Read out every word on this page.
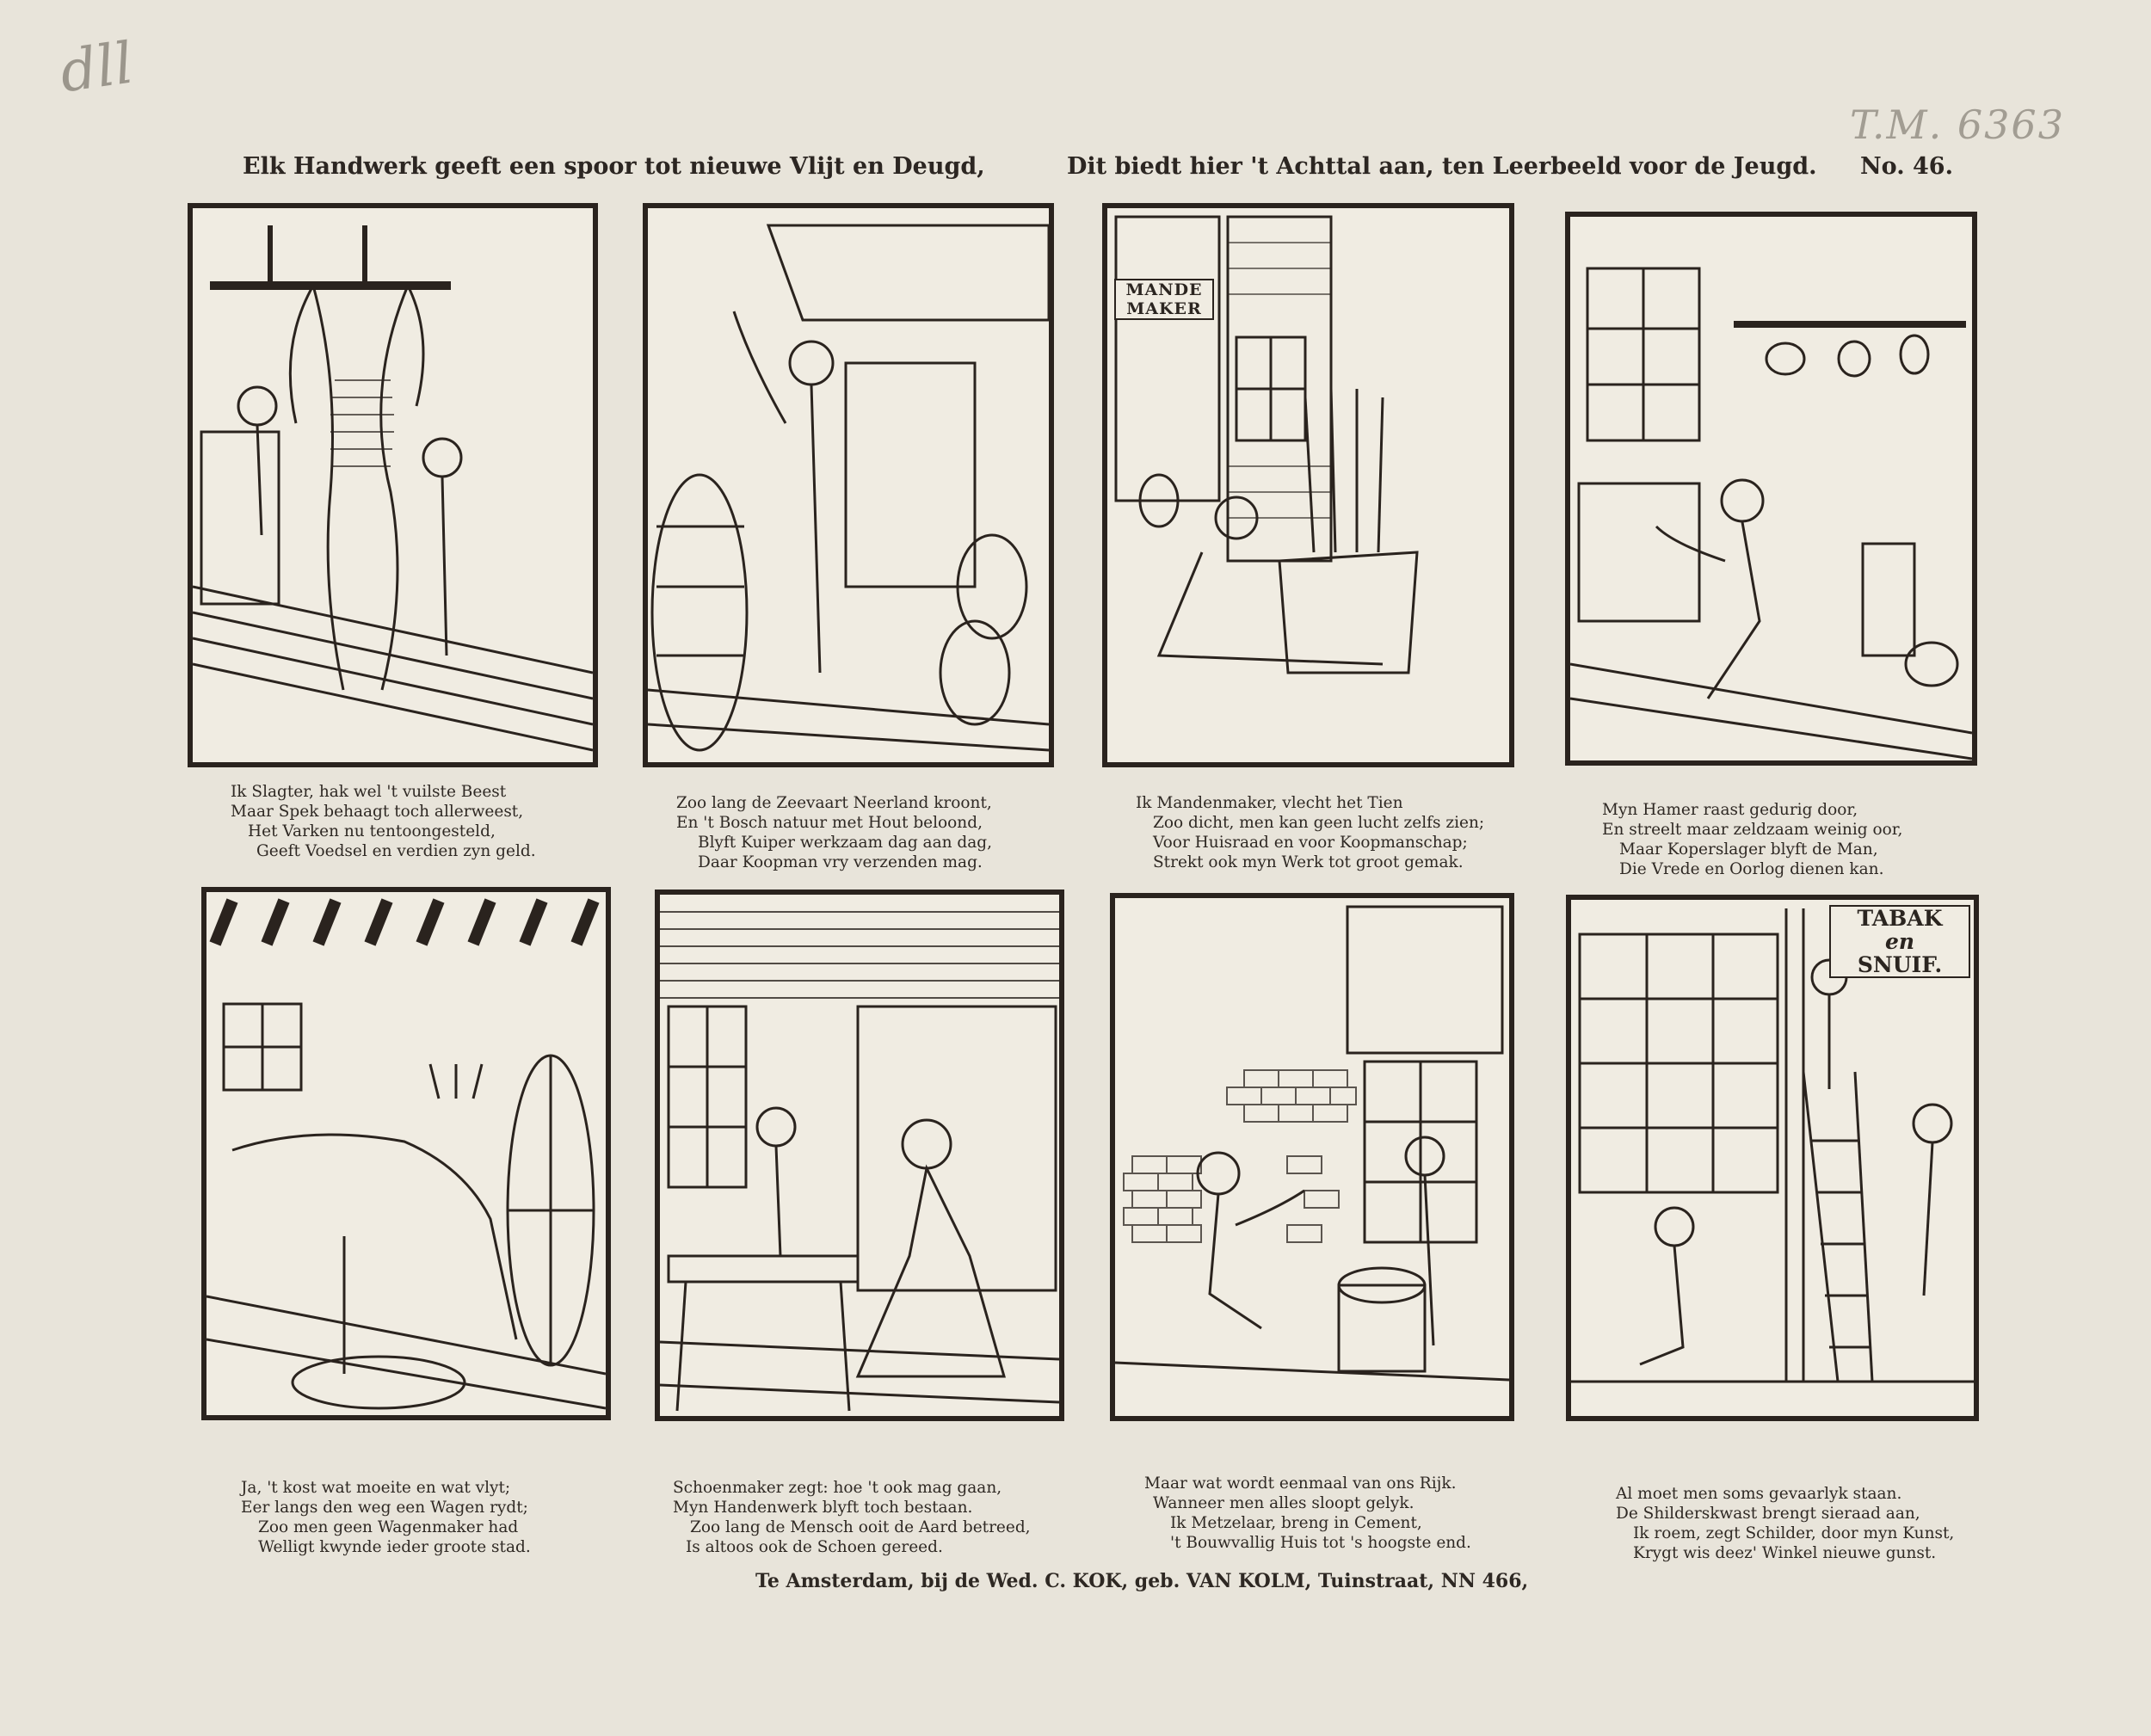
dll
T.M. 6363
Elk Handwerk geeft een spoor tot nieuwe Vlijt en Deugd,	Dit biedt hier 't Achttal aan, ten Leerbeeld voor de Jeugd. No. 46.
MANDE
MAKER
TABAK
en
SNUIF.
Ik Slagter, hak wel 't vuilste Beest
Maar Spek behaagt toch allerweest,
Het Varken nu tentoongesteld,
Geeft Voedsel en verdien zyn geld.
Zoo lang de Zeevaart Neerland kroont,
En 't Bosch natuur met Hout beloond,
Blyft Kuiper werkzaam dag aan dag,
Daar Koopman vry verzenden mag.
Ik Mandenmaker, vlecht het Tien
Zoo dicht, men kan geen lucht zelfs zien;
Voor Huisraad en voor Koopmanschap;
Strekt ook myn Werk tot groot gemak.
Myn Hamer raast gedurig door,
En streelt maar zeldzaam weinig oor,
Maar Koperslager blyft de Man,
Die Vrede en Oorlog dienen kan.
Ja, 't kost wat moeite en wat vlyt;
Eer langs den weg een Wagen rydt;
Zoo men geen Wagenmaker had
Welligt kwynde ieder groote stad.
Schoenmaker zegt: hoe 't ook mag gaan,
Myn Handenwerk blyft toch bestaan.
Zoo lang de Mensch ooit de Aard betreed,
Is altoos ook de Schoen gereed.
Maar wat wordt eenmaal van ons Rijk.
Wanneer men alles sloopt gelyk.
Ik Metzelaar, breng in Cement,
't Bouwvallig Huis tot 's hoogste end.
Al moet men soms gevaarlyk staan.
De Shilderskwast brengt sieraad aan,
Ik roem, zegt Schilder, door myn Kunst,
Krygt wis deez' Winkel nieuwe gunst.
Te Amsterdam, bij de Wed. C. KOK, geb. VAN KOLM, Tuinstraat, NN 466,
